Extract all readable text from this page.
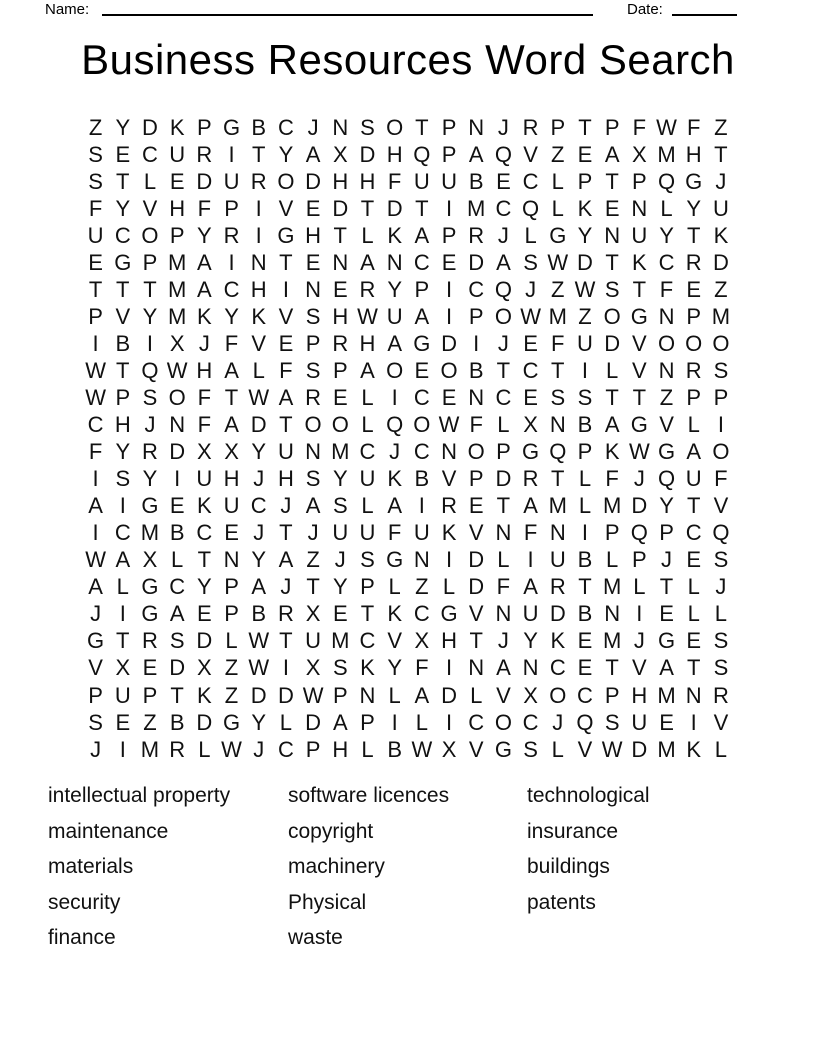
Name:	Date:
Business Resources Word Search
Z Y D K P G B C J N S O T P N J R P T P F W F Z
S E C U R I T Y A X D H Q P A Q V Z E A X M H T
S T L E D U R O D H H F U U B E C L P T P Q G J
F Y V H F P I V E D T D T I M C Q L K E N L Y U
U C O P Y R I G H T L K A P R J L G Y N U Y T K
E G P M A I N T E N A N C E D A S W D T K C R D
T T T M A C H I N E R Y P I C Q J Z W S T F E Z
P V Y M K Y K V S H W U A I P O W M Z O G N P M
I B I X J F V E P R H A G D I J E F U D V O O O
W T Q W H A L F S P A O E O B T C T I L V N R S
W P S O F T W A R E L I C E N C E S S T T Z P P
C H J N F A D T O O L Q O W F L X N B A G V L I
F Y R D X X Y U N M C J C N O P G Q P K W G A O
I S Y I U H J H S Y U K B V P D R T L F J Q U F
A I G E K U C J A S L A I R E T A M L M D Y T V
I C M B C E J T J U U F U K V N F N I P Q P C Q
W A X L T N Y A Z J S G N I D L I U B L P J E S
A L G C Y P A J T Y P L Z L D F A R T M L T L J
J I G A E P B R X E T K C G V N U D B N I E L L
G T R S D L W T U M C V X H T J Y K E M J G E S
V X E D X Z W I X S K Y F I N A N C E T V A T S
P U P T K Z D D W P N L A D L V X O C P H M N R
S E Z B D G Y L D A P I L I C O C J Q S U E I V
J I M R L W J C P H L B W X V G S L V W D M K L
intellectual property
maintenance
materials
security
finance
software licences
copyright
machinery
Physical
waste
technological
insurance
buildings
patents
